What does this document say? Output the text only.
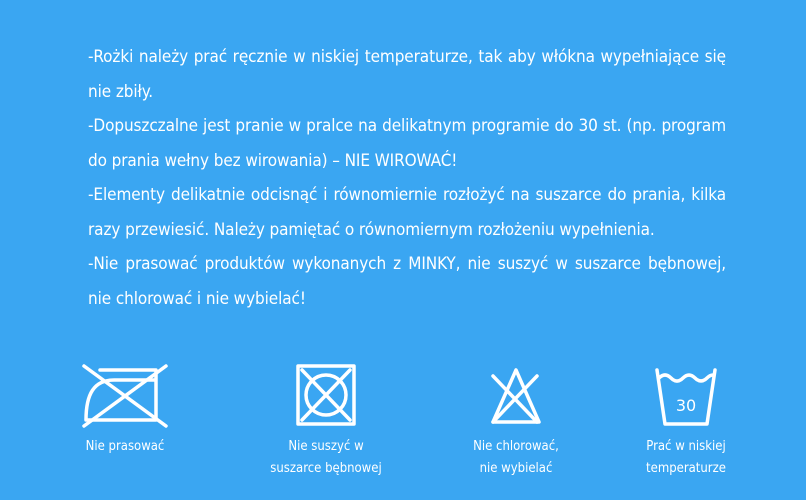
-Rożki należy prać ręcznie w niskiej temperaturze, tak aby włókna wypełniające się nie zbiły.

-Dopuszczalne jest pranie w pralce na delikatnym programie do 30 st. (np. program do prania wełny bez wirowania) – NIE WIROWAĆ!

-Elementy delikatnie odcisnąć i równomiernie rozłożyć na suszarce do prania, kilka razy przewiesić. Należy pamiętać o równomiernym rozłożeniu wypełnienia.

-Nie prasować produktów wykonanych z MINKY, nie suszyć w suszarce bębnowej, nie chlorować i nie wybielać!

Nie prasować	Nie suszyć w
suszarce bębnowej
Nie chlorować,
nie wybielać
30
Prać w niskiej
temperaturze
